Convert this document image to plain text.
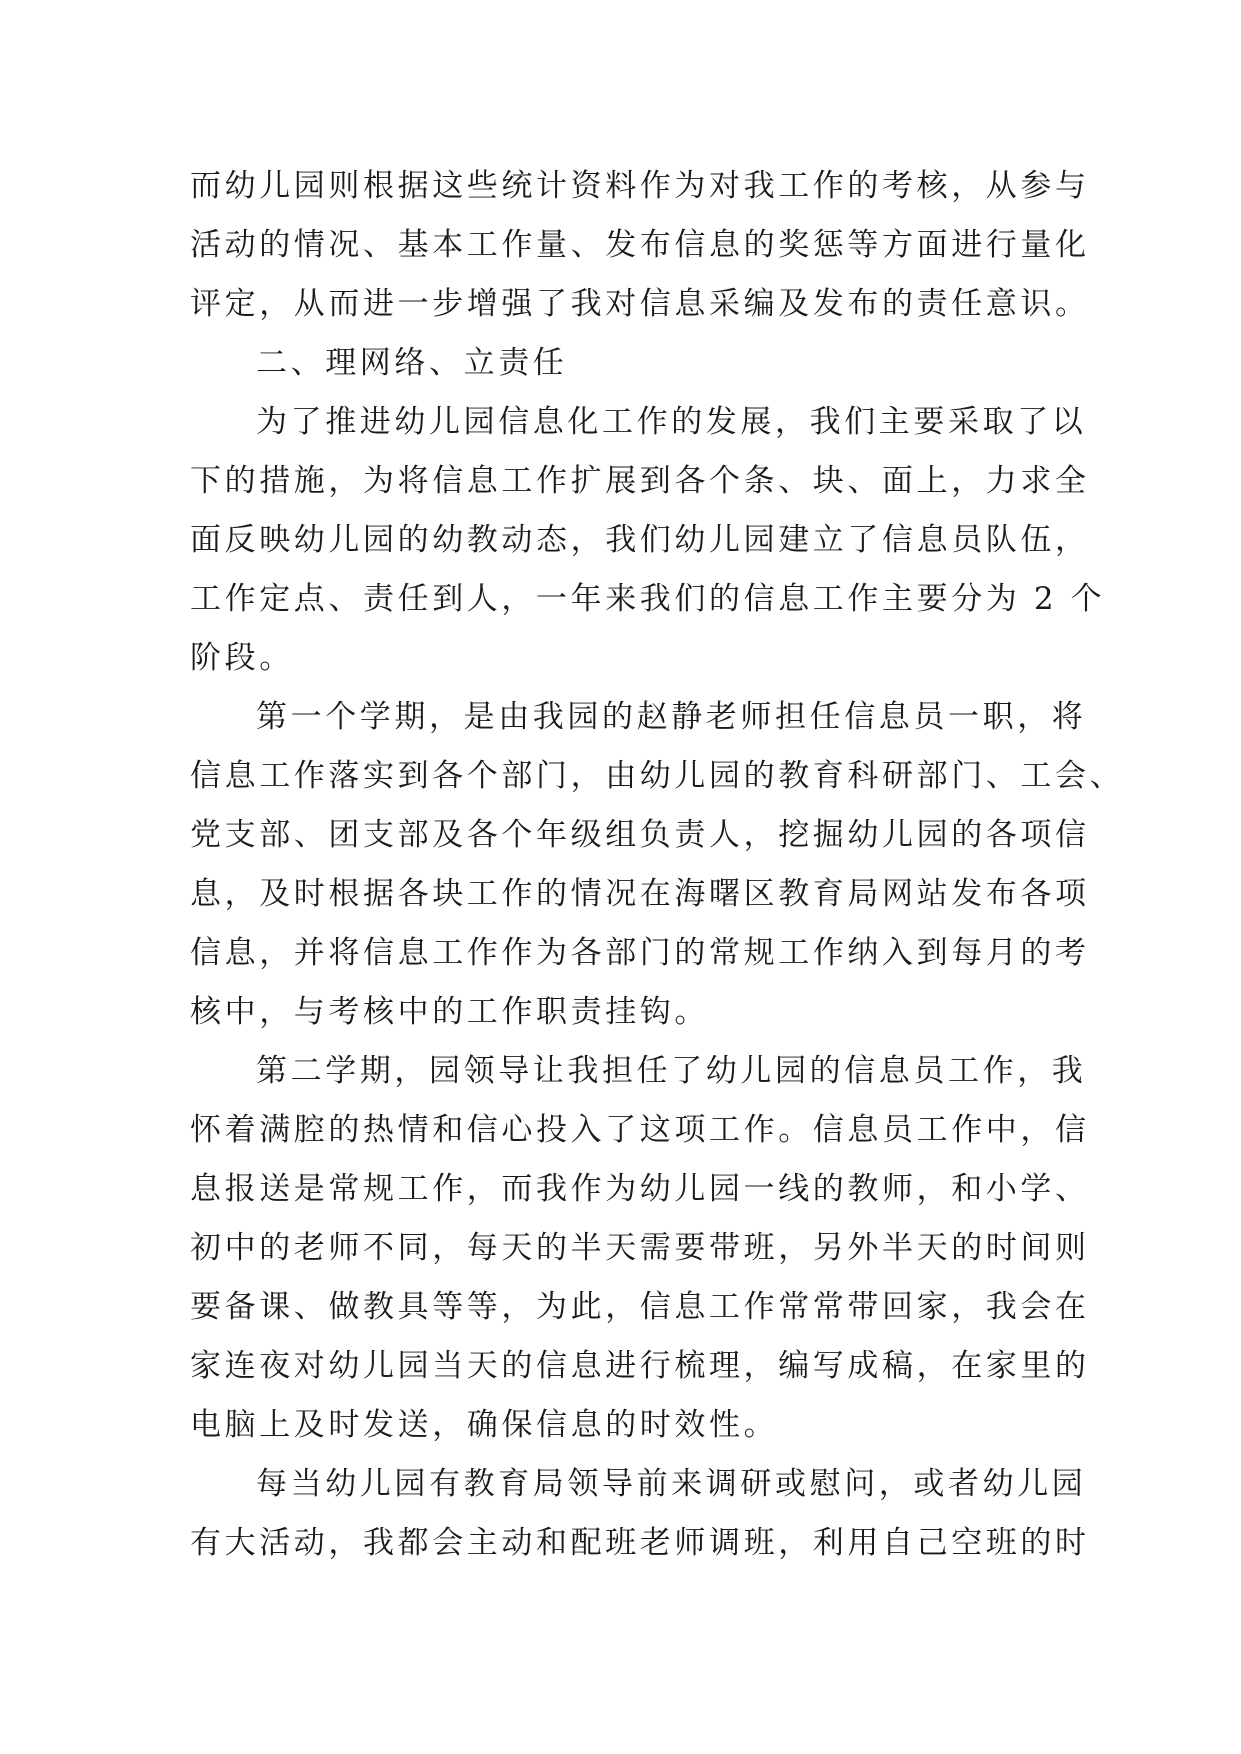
而幼儿园则根据这些统计资料作为对我工作的考核，从参与
活动的情况、基本工作量、发布信息的奖惩等方面进行量化
评定，从而进一步增强了我对信息采编及发布的责任意识。
二、理网络、立责任
为了推进幼儿园信息化工作的发展，我们主要采取了以
下的措施，为将信息工作扩展到各个条、块、面上，力求全
面反映幼儿园的幼教动态，我们幼儿园建立了信息员队伍，
工作定点、责任到人，一年来我们的信息工作主要分为 2 个
阶段。
第一个学期，是由我园的赵静老师担任信息员一职，将
信息工作落实到各个部门，由幼儿园的教育科研部门、工会、
党支部、团支部及各个年级组负责人，挖掘幼儿园的各项信
息，及时根据各块工作的情况在海曙区教育局网站发布各项
信息，并将信息工作作为各部门的常规工作纳入到每月的考
核中，与考核中的工作职责挂钩。
第二学期，园领导让我担任了幼儿园的信息员工作，我
怀着满腔的热情和信心投入了这项工作。信息员工作中，信
息报送是常规工作，而我作为幼儿园一线的教师，和小学、
初中的老师不同，每天的半天需要带班，另外半天的时间则
要备课、做教具等等，为此，信息工作常常带回家，我会在
家连夜对幼儿园当天的信息进行梳理，编写成稿，在家里的
电脑上及时发送，确保信息的时效性。
每当幼儿园有教育局领导前来调研或慰问，或者幼儿园
有大活动，我都会主动和配班老师调班，利用自己空班的时
